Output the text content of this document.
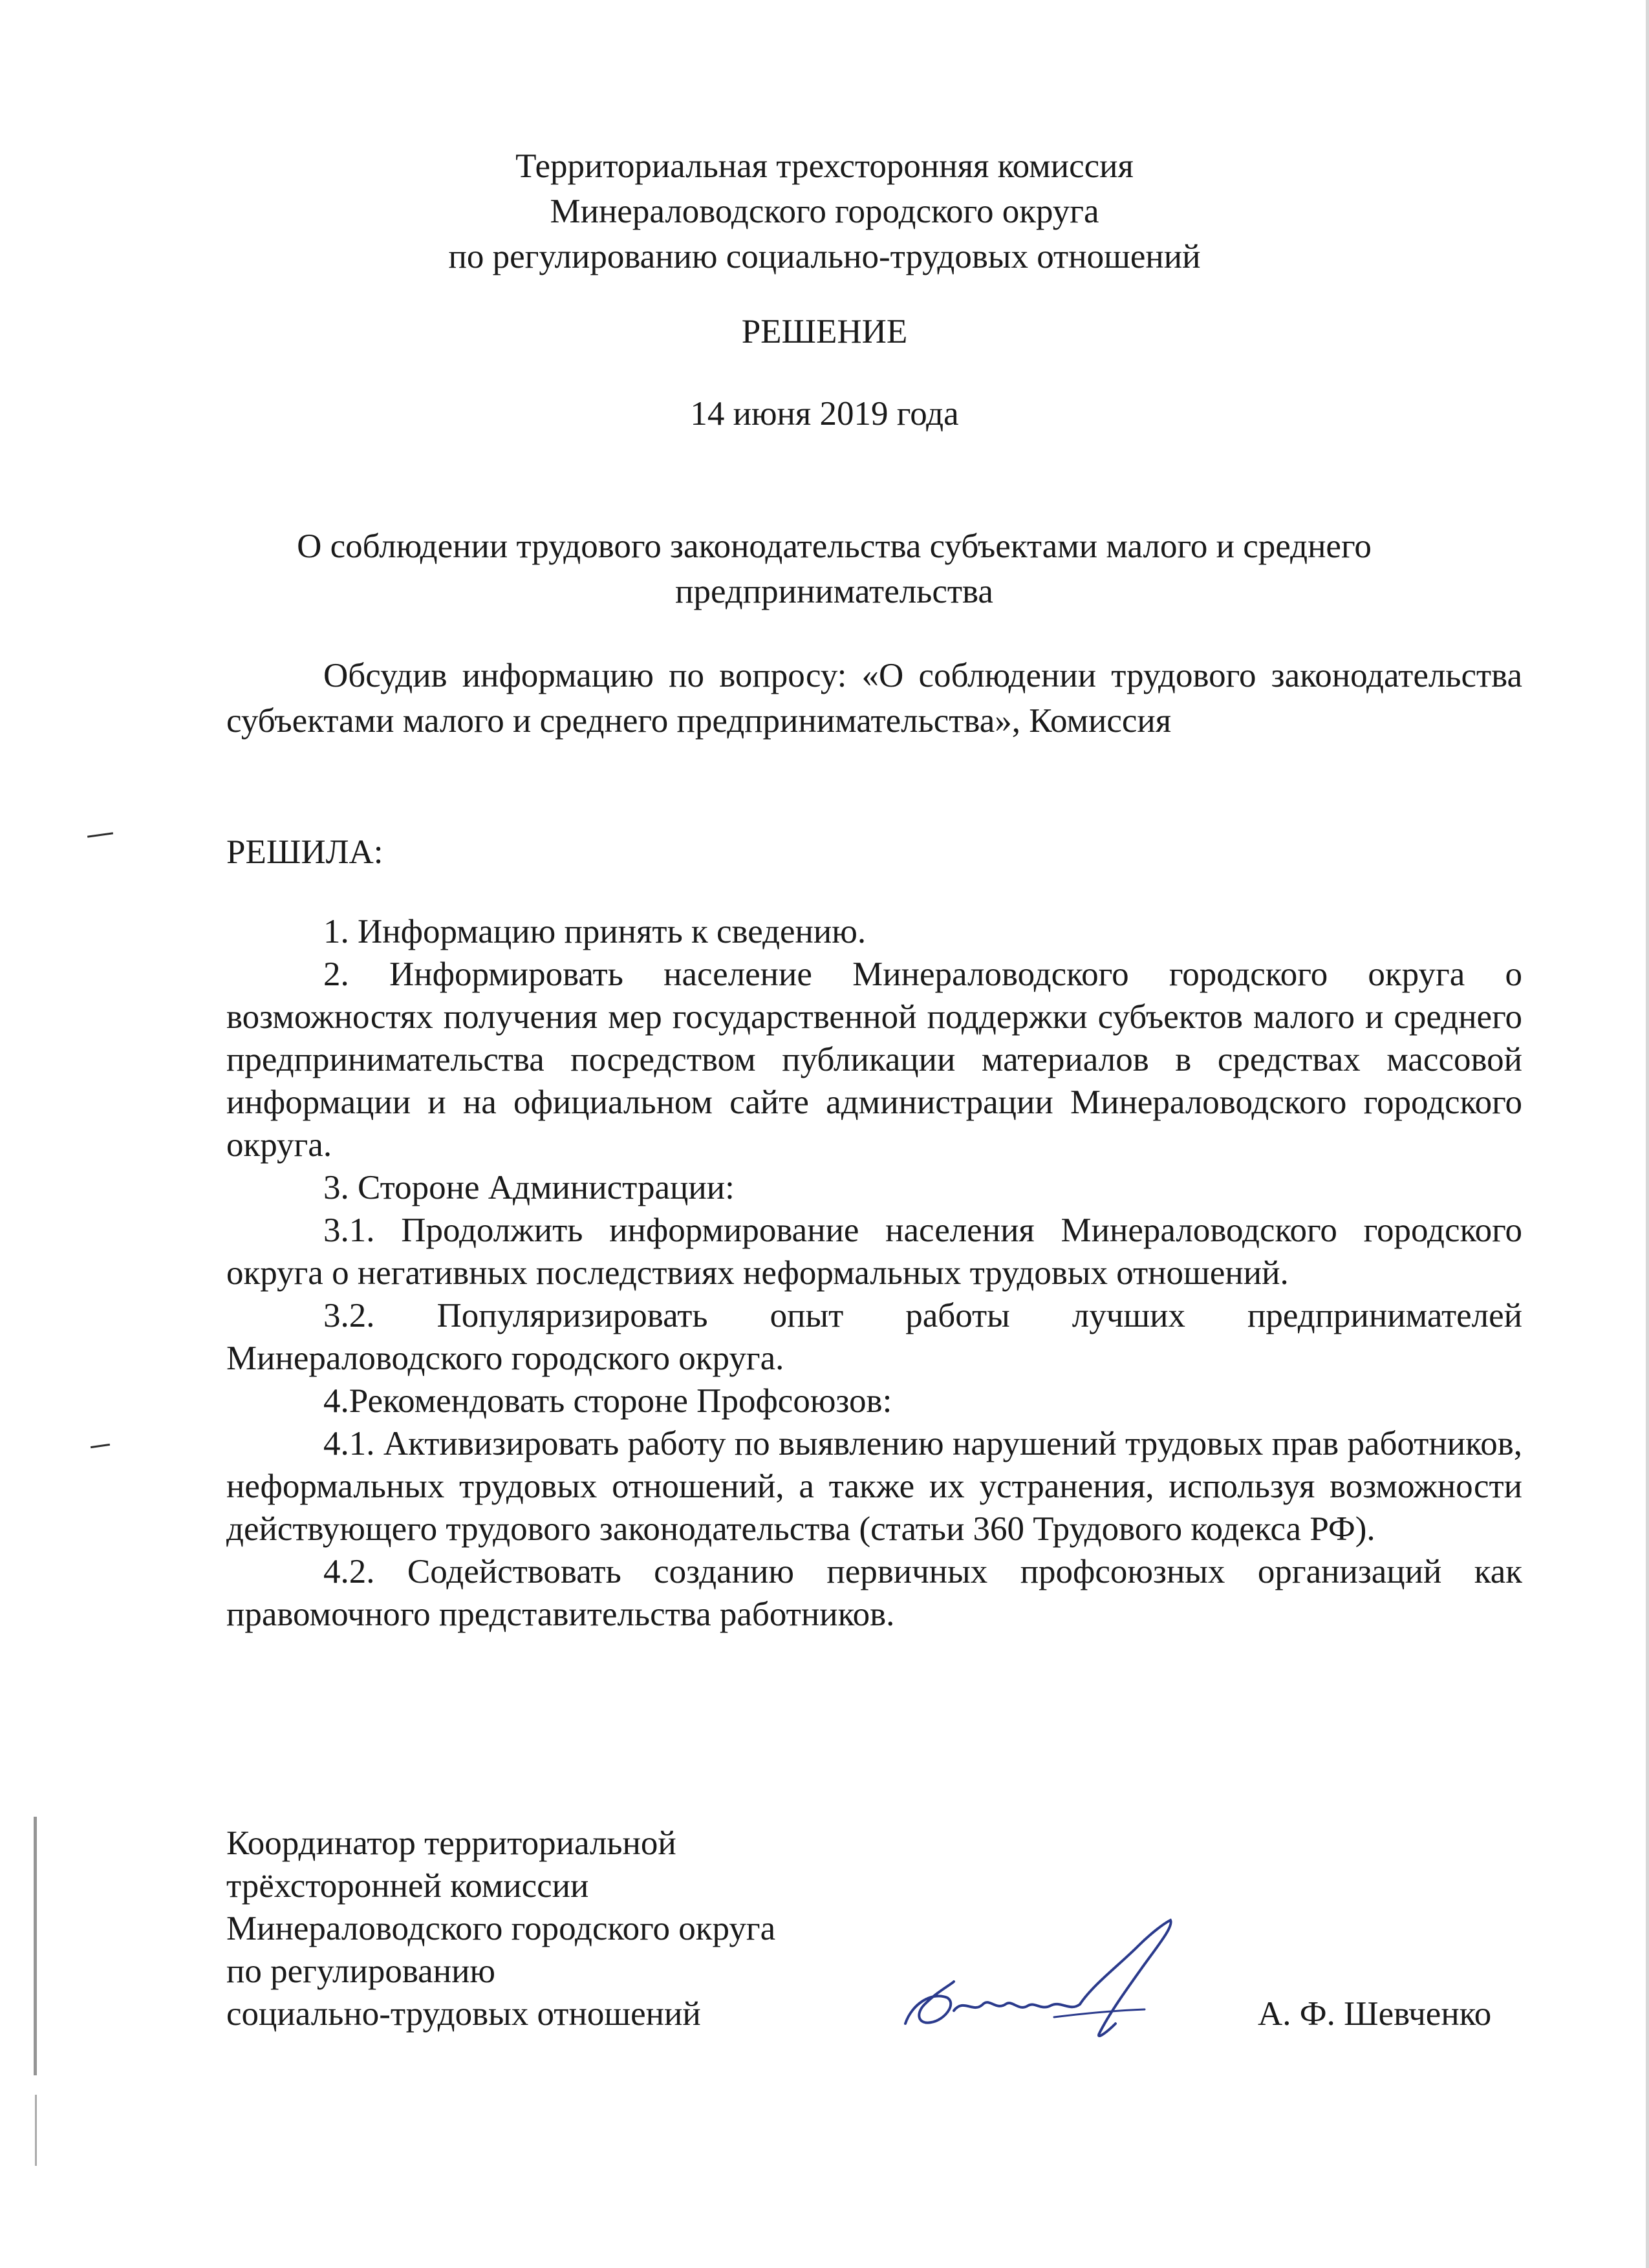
Территориальная трехсторонняя комиссия
Минераловодского городского округа
по регулированию социально-трудовых отношений
РЕШЕНИЕ
14 июня 2019 года
О соблюдении трудового законодательства субъектами малого и среднего предпринимательства

Обсудив информацию по вопросу: «О соблюдении трудового законодательства субъектами малого и среднего предпринимательства», Комиссия

РЕШИЛА:

1. Информацию принять к сведению.

2. Информировать население Минераловодского городского округа о возможностях получения мер государственной поддержки субъектов малого и среднего предпринимательства посредством публикации материалов в средствах массовой информации и на официальном сайте администрации Минераловодского городского округа.

3. Стороне Администрации:

3.1. Продолжить информирование населения Минераловодского городского округа о негативных последствиях неформальных трудовых отношений.

3.2. Популяризировать опыт работы лучших предпринимателей Минераловодского городского округа.

4.Рекомендовать стороне Профсоюзов:

4.1. Активизировать работу по выявлению нарушений трудовых прав работников, неформальных трудовых отношений, а также их устранения, используя возможности действующего трудового законодательства (статьи 360 Трудового кодекса РФ).

4.2. Содействовать созданию первичных профсоюзных организаций как правомочного представительства работников.

Координатор территориальной
трёхсторонней комиссии
Минераловодского городского округа
по регулированию
социально-трудовых отношений	А. Ф. Шевченко
